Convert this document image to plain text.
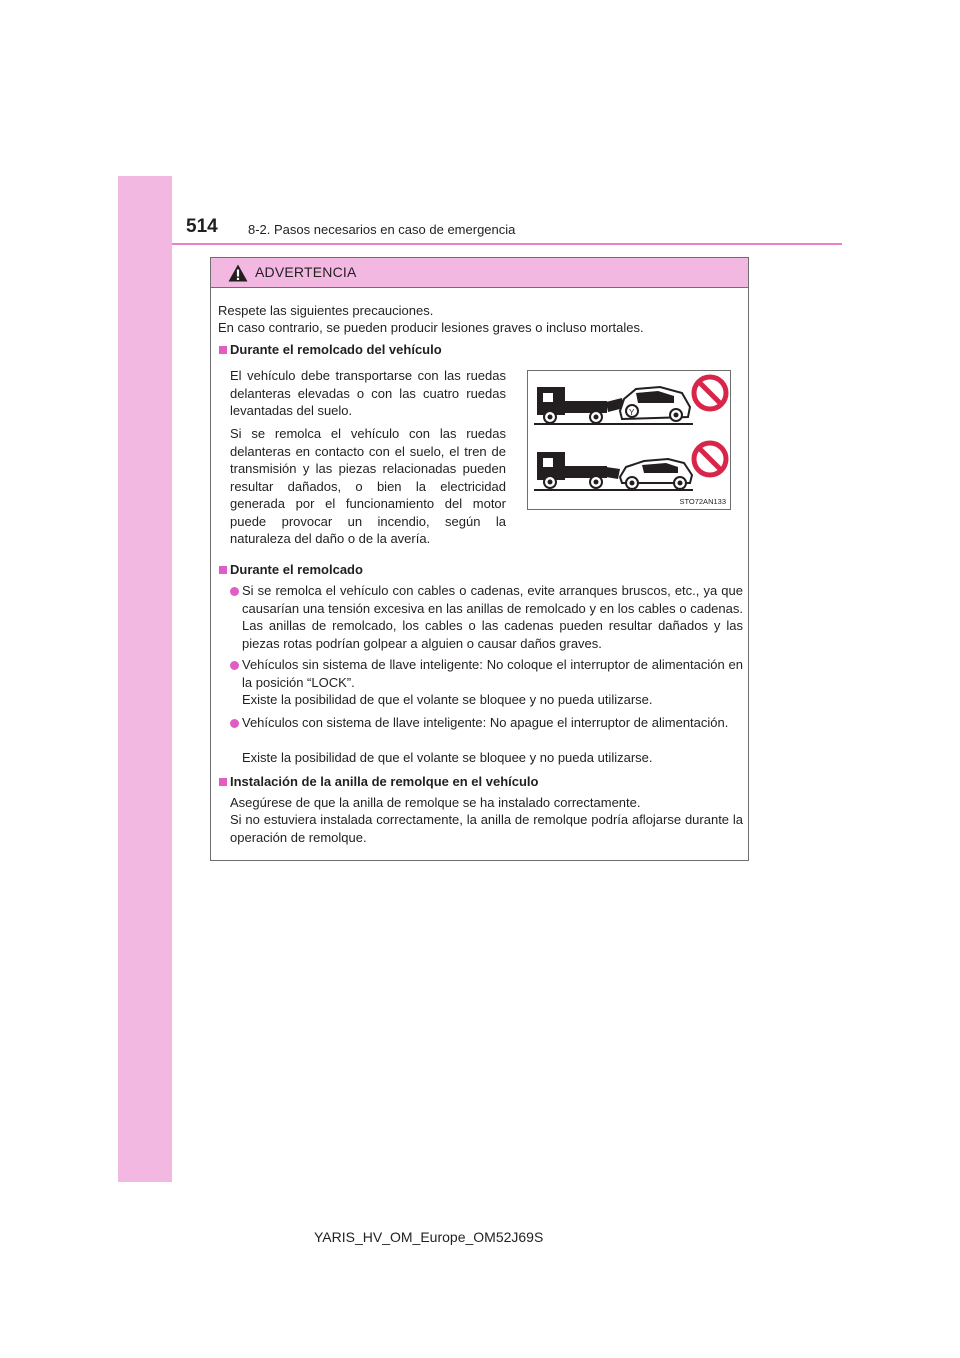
514 8-2. Pasos necesarios en caso de emergencia
ADVERTENCIA
Respete las siguientes precauciones.
En caso contrario, se pueden producir lesiones graves o incluso mortales.
Durante el remolcado del vehículo
El vehículo debe transportarse con las ruedas delanteras elevadas o con las cuatro ruedas levantadas del suelo.
Si se remolca el vehículo con las ruedas delanteras en contacto con el suelo, el tren de transmisión y las piezas relacionadas pueden resultar dañados, o bien la electricidad generada por el funcionamiento del motor puede provocar un incendio, según la naturaleza del daño o de la avería.
Y
STO72AN133
Durante el remolcado
Si se remolca el vehículo con cables o cadenas, evite arranques bruscos, etc., ya que causarían una tensión excesiva en las anillas de remolcado y en los cables o cadenas. Las anillas de remolcado, los cables o las cadenas pueden resultar dañados y las piezas rotas podrían golpear a alguien o causar daños graves.
Vehículos sin sistema de llave inteligente: No coloque el interruptor de alimentación en la posición “LOCK”.
Existe la posibilidad de que el volante se bloquee y no pueda utilizarse.
Vehículos con sistema de llave inteligente: No apague el interruptor de alimentación.
Existe la posibilidad de que el volante se bloquee y no pueda utilizarse.
Instalación de la anilla de remolque en el vehículo
Asegúrese de que la anilla de remolque se ha instalado correctamente.
Si no estuviera instalada correctamente, la anilla de remolque podría aflojarse durante la operación de remolque.
YARIS_HV_OM_Europe_OM52J69S
